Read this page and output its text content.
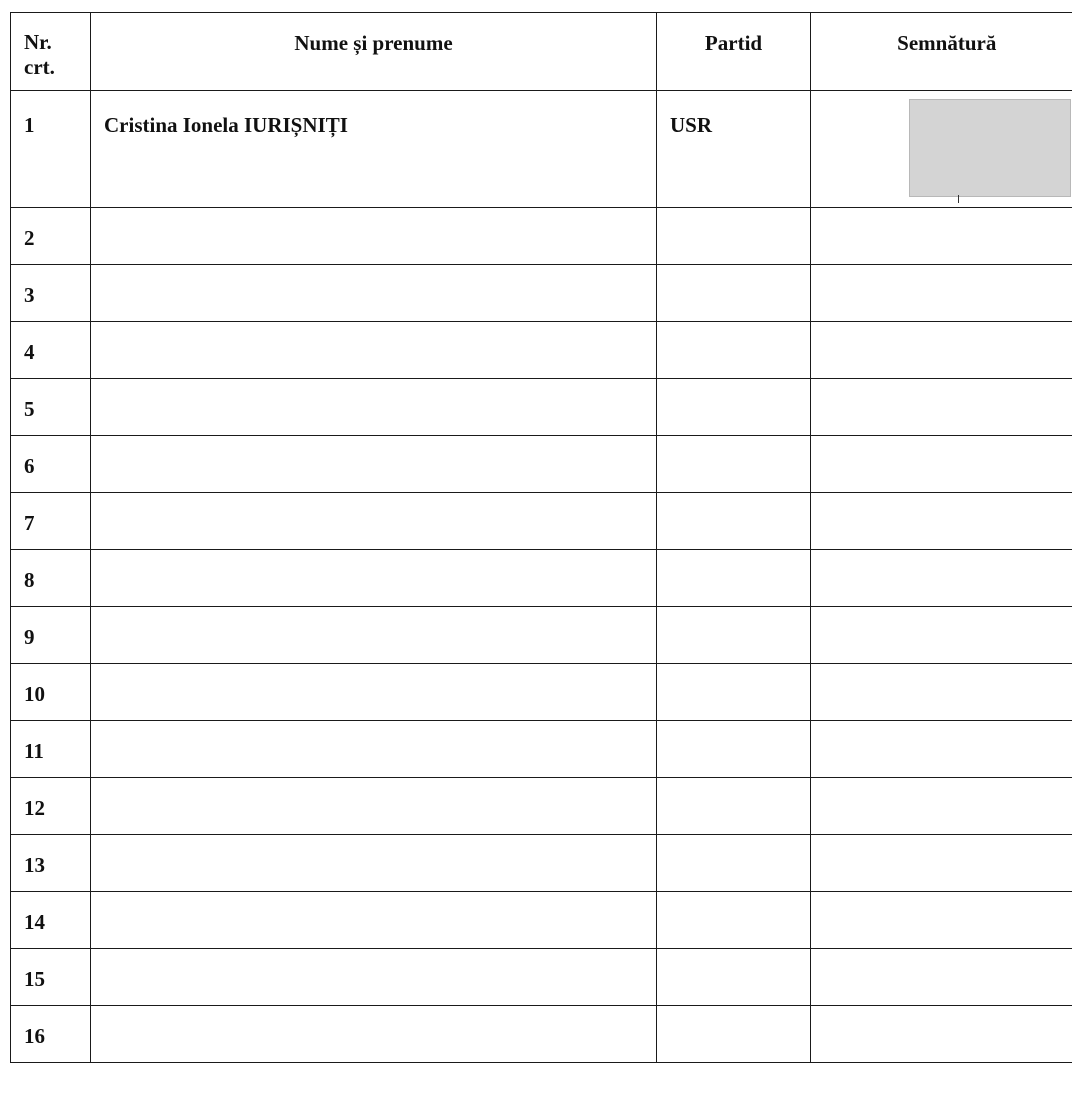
Nr.
crt.	Nume și prenume	Partid	Semnătură

1	Cristina Ionela IURIȘNIȚI	USR	

2			

3			

4			

5			

6			

7			

8			

9			

10			

11			

12			

13			

14			

15			

16			
